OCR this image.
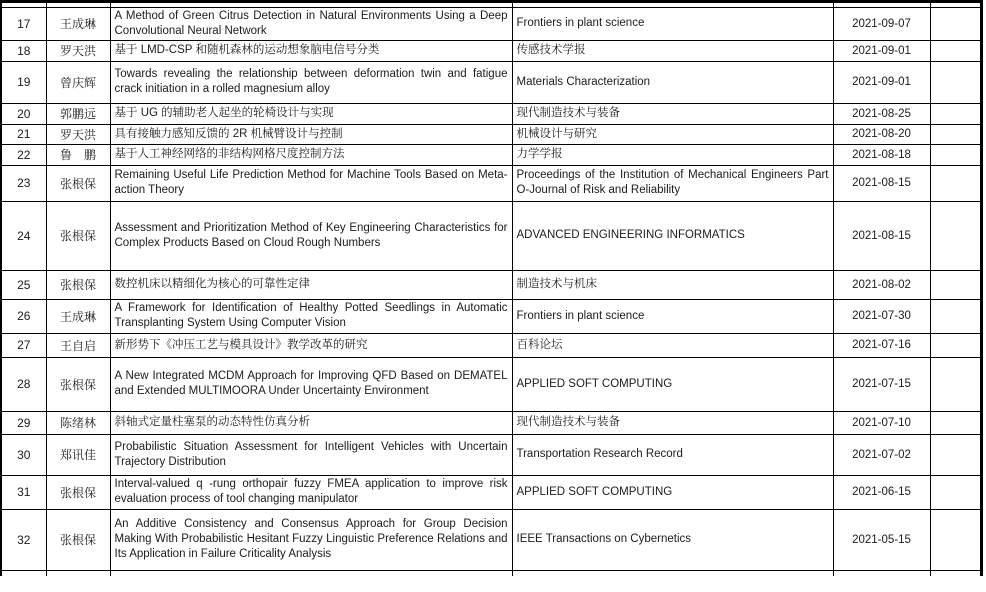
17	王成琳	A Method of Green Citrus Detection in Natural Environments Using a Deep Convolutional Neural Network	Frontiers in plant science	2021-09-07	
18	罗天洪	基于 LMD-CSP 和随机森林的运动想象脑电信号分类	传感技术学报	2021-09-01	
19	曾庆辉	Towards revealing the relationship between deformation twin and fatigue crack initiation in a rolled magnesium alloy	Materials Characterization	2021-09-01	
20	郭鹏远	基于 UG 的辅助老人起坐的轮椅设计与实现	现代制造技术与装备	2021-08-25	
21	罗天洪	具有接触力感知反馈的 2R 机械臂设计与控制	机械设计与研究	2021-08-20	
22	鲁　鹏	基于人工神经网络的非结构网格尺度控制方法	力学学报	2021-08-18	
23	张根保	Remaining Useful Life Prediction Method for Machine Tools Based on Meta-action Theory	Proceedings of the Institution of Mechanical Engineers Part O-Journal of Risk and Reliability	2021-08-15	
24	张根保	Assessment and Prioritization Method of Key Engineering Characteristics for Complex Products Based on Cloud Rough Numbers	ADVANCED ENGINEERING INFORMATICS	2021-08-15	
25	张根保	数控机床以精细化为核心的可靠性定律	制造技术与机床	2021-08-02	
26	王成琳	A Framework for Identification of Healthy Potted Seedlings in Automatic Transplanting System Using Computer Vision	Frontiers in plant science	2021-07-30	
27	王自启	新形势下《冲压工艺与模具设计》教学改革的研究	百科论坛	2021-07-16	
28	张根保	A New Integrated MCDM Approach for Improving QFD Based on DEMATEL and Extended MULTIMOORA Under Uncertainty Environment	APPLIED SOFT COMPUTING	2021-07-15	
29	陈绪林	斜轴式定量柱塞泵的动态特性仿真分析	现代制造技术与装备	2021-07-10	
30	郑讯佳	Probabilistic Situation Assessment for Intelligent Vehicles with Uncertain Trajectory Distribution	Transportation Research Record	2021-07-02	
31	张根保	Interval-valued q -rung orthopair fuzzy FMEA application to improve risk evaluation process of tool changing manipulator	APPLIED SOFT COMPUTING	2021-06-15	
32	张根保	An Additive Consistency and Consensus Approach for Group Decision Making With Probabilistic Hesitant Fuzzy Linguistic Preference Relations and Its Application in Failure Criticality Analysis	IEEE Transactions on Cybernetics	2021-05-15	
